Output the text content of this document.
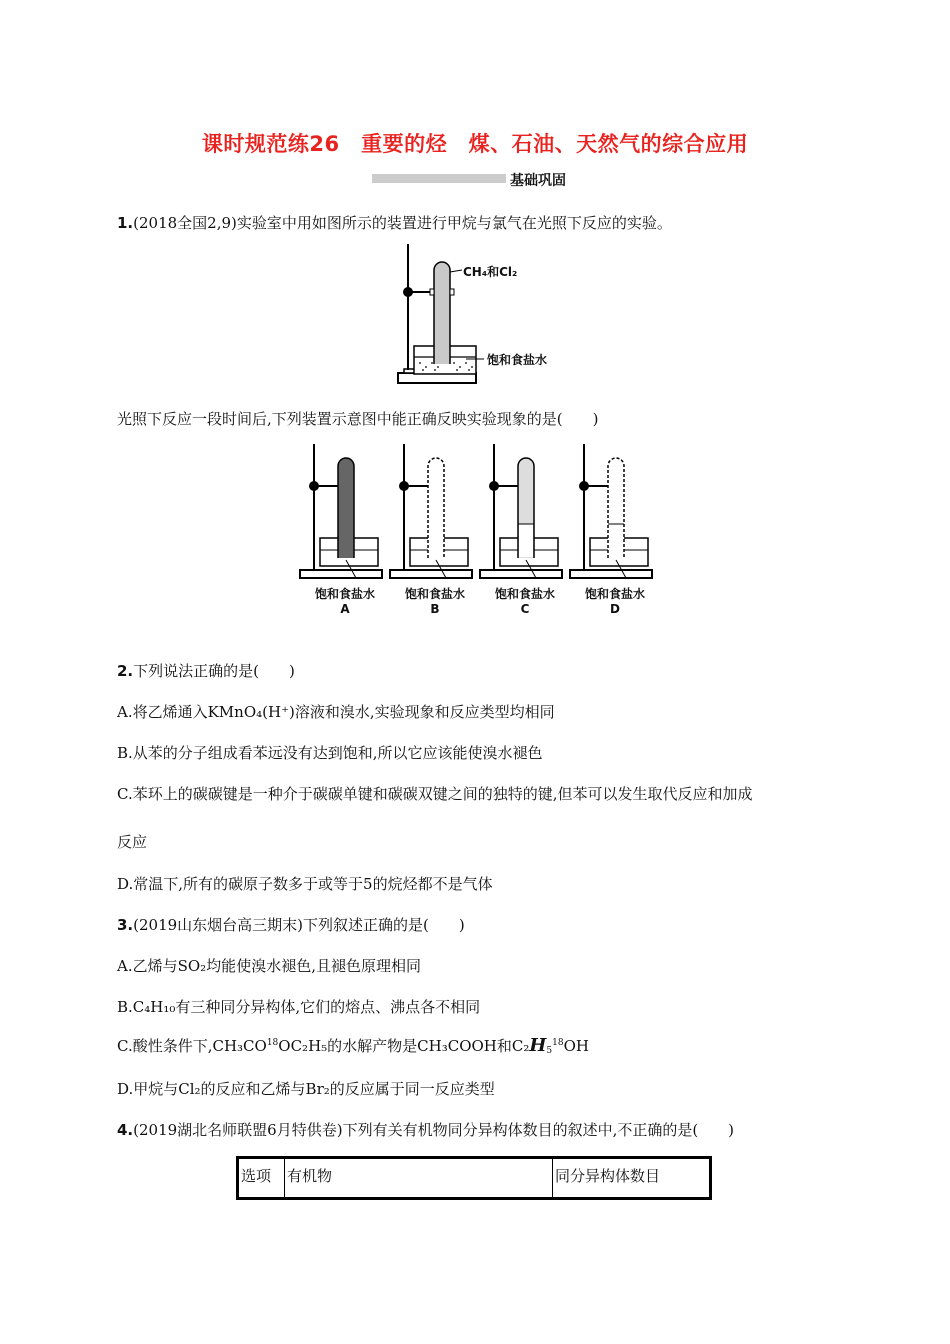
课时规范练26　重要的烃　煤、石油、天然气的综合应用
基础巩固
1.(2018全国2,9)实验室中用如图所示的装置进行甲烷与氯气在光照下反应的实验。
CH₄和Cl₂
饱和食盐水
光照下反应一段时间后,下列装置示意图中能正确反映实验现象的是(　　)
饱和食盐水
A
饱和食盐水
B
饱和食盐水
C
饱和食盐水
D
2.下列说法正确的是(　　)
A.将乙烯通入KMnO₄(H⁺)溶液和溴水,实验现象和反应类型均相同
B.从苯的分子组成看苯远没有达到饱和,所以它应该能使溴水褪色
C.苯环上的碳碳键是一种介于碳碳单键和碳碳双键之间的独特的键,但苯可以发生取代反应和加成
反应
D.常温下,所有的碳原子数多于或等于5的烷烃都不是气体
3.(2019山东烟台高三期末)下列叙述正确的是(　　)
A.乙烯与SO₂均能使溴水褪色,且褪色原理相同
B.C₄H₁₀有三种同分异构体,它们的熔点、沸点各不相同
C.酸性条件下,CH₃CO$^{18}$OC₂H₅的水解产物是CH₃COOH和$C_2H_5^{18}OH$
D.甲烷与Cl₂的反应和乙烯与Br₂的反应属于同一反应类型
4.(2019湖北名师联盟6月特供卷)下列有关有机物同分异构体数目的叙述中,不正确的是(　　)
选项	有机物	同分异构体数目
